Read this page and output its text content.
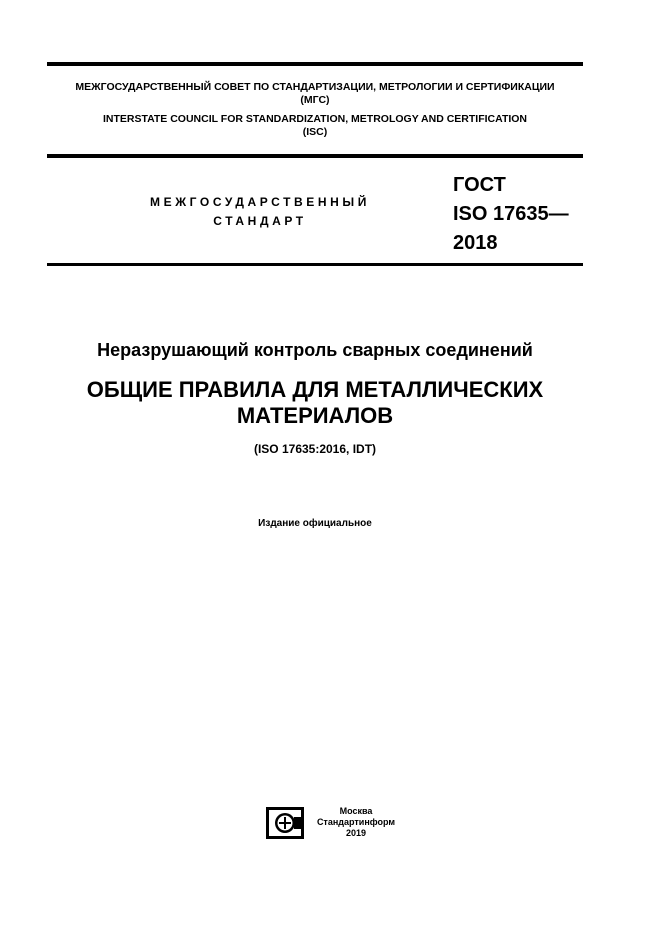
МЕЖГОСУДАРСТВЕННЫЙ СОВЕТ ПО СТАНДАРТИЗАЦИИ, МЕТРОЛОГИИ И СЕРТИФИКАЦИИ
(МГС)
INTERSTATE COUNCIL FOR STANDARDIZATION, METROLOGY AND CERTIFICATION
(ISC)
МЕЖГОСУДАРСТВЕННЫЙ
СТАНДАРТ
ГОСТ
ISO 17635—
2018
Неразрушающий контроль сварных соединений
ОБЩИЕ ПРАВИЛА ДЛЯ МЕТАЛЛИЧЕСКИХ
МАТЕРИАЛОВ
(ISO 17635:2016, IDT)
Издание официальное
Москва
Стандартинформ
2019
